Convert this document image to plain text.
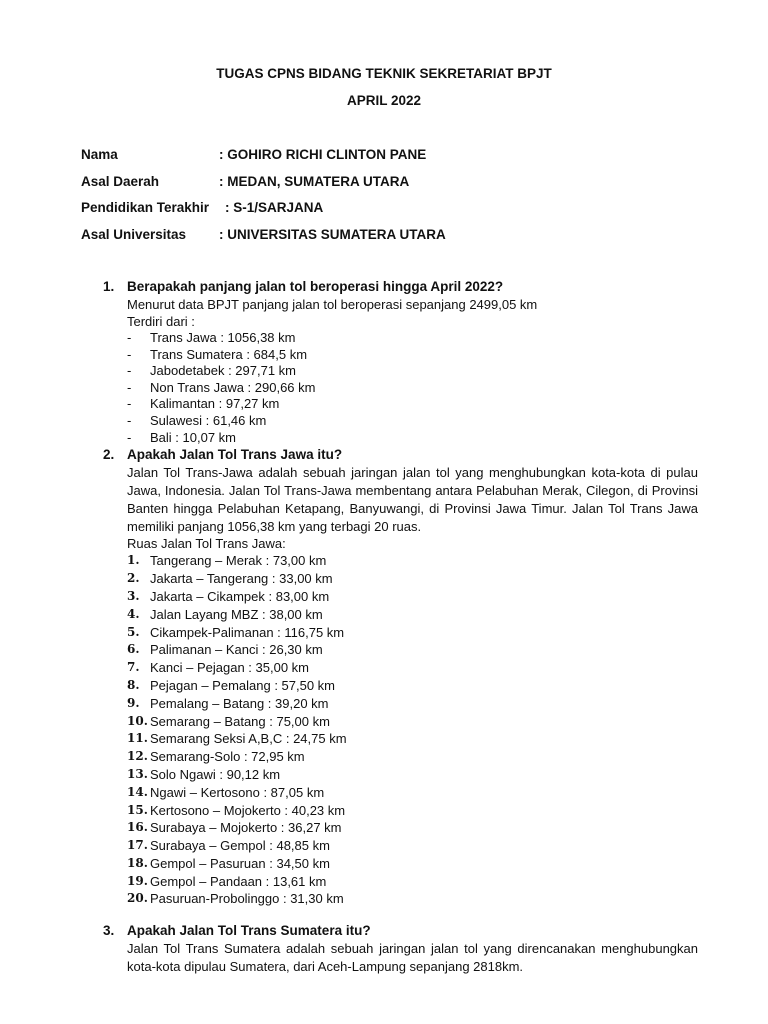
TUGAS CPNS BIDANG TEKNIK SEKRETARIAT BPJT
APRIL 2022
Nama	: GOHIRO RICHI CLINTON PANE
Asal Daerah	: MEDAN, SUMATERA UTARA
Pendidikan Terakhir : S-1/SARJANA
Asal Universitas : UNIVERSITAS SUMATERA UTARA
1. Berapakah panjang jalan tol beroperasi hingga April 2022?
Menurut data BPJT panjang jalan tol beroperasi sepanjang 2499,05 km
Terdiri dari :
- Trans Jawa : 1056,38 km
- Trans Sumatera : 684,5 km
- Jabodetabek : 297,71 km
- Non Trans Jawa : 290,66 km
- Kalimantan : 97,27 km
- Sulawesi : 61,46 km
- Bali : 10,07 km
2. Apakah Jalan Tol Trans Jawa itu?
Jalan Tol Trans-Jawa adalah sebuah jaringan jalan tol yang menghubungkan kota-kota di pulau Jawa, Indonesia. Jalan Tol Trans-Jawa membentang antara Pelabuhan Merak, Cilegon, di Provinsi Banten hingga Pelabuhan Ketapang, Banyuwangi, di Provinsi Jawa Timur. Jalan Tol Trans Jawa memiliki panjang 1056,38 km yang terbagi 20 ruas.
Ruas Jalan Tol Trans Jawa:
1. Tangerang – Merak : 73,00 km
2. Jakarta – Tangerang : 33,00 km
3. Jakarta – Cikampek : 83,00 km
4. Jalan Layang MBZ : 38,00 km
5. Cikampek-Palimanan : 116,75 km
6. Palimanan – Kanci : 26,30 km
7. Kanci – Pejagan : 35,00 km
8. Pejagan – Pemalang : 57,50 km
9. Pemalang – Batang : 39,20 km
10. Semarang – Batang : 75,00 km
11. Semarang Seksi A,B,C : 24,75 km
12. Semarang-Solo : 72,95 km
13. Solo Ngawi : 90,12 km
14. Ngawi – Kertosono : 87,05 km
15. Kertosono – Mojokerto : 40,23 km
16. Surabaya – Mojokerto : 36,27 km
17. Surabaya – Gempol : 48,85 km
18. Gempol – Pasuruan : 34,50 km
19. Gempol – Pandaan : 13,61 km
20. Pasuruan-Probolinggo : 31,30 km
3. Apakah Jalan Tol Trans Sumatera itu?
Jalan Tol Trans Sumatera adalah sebuah jaringan jalan tol yang direncanakan menghubungkan kota-kota dipulau Sumatera, dari Aceh-Lampung sepanjang 2818km.
